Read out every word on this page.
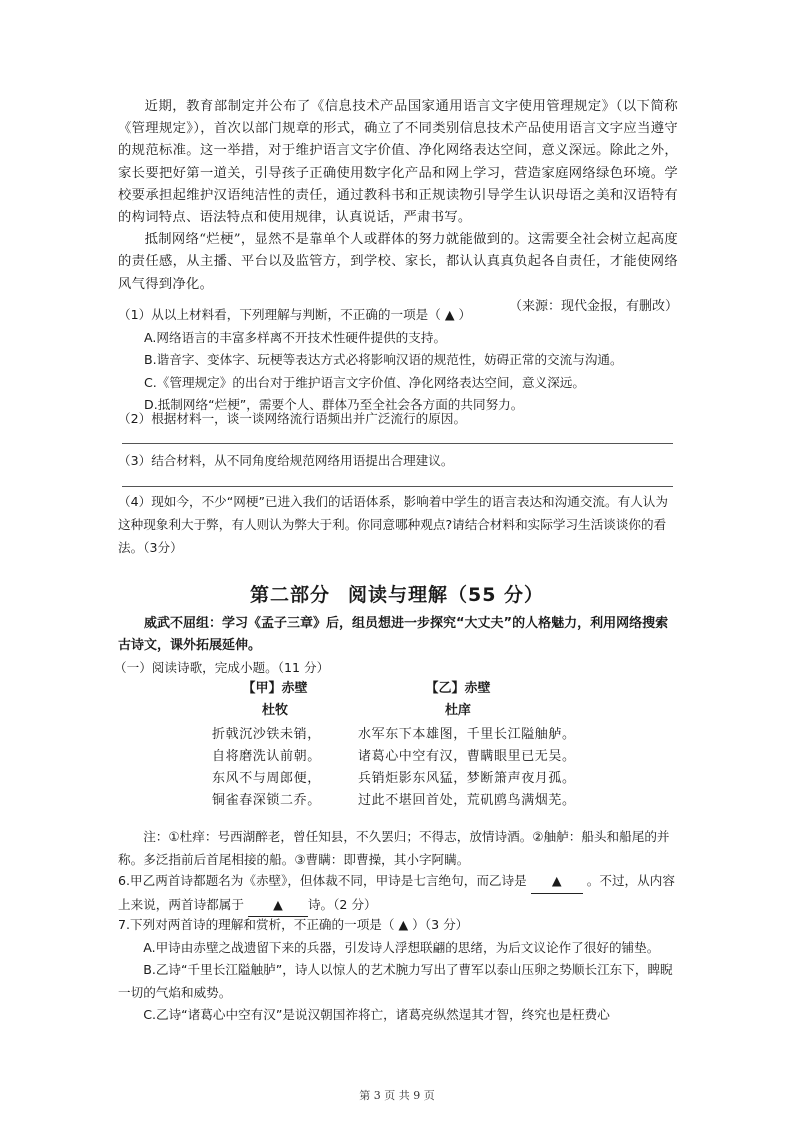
近期，教育部制定并公布了《信息技术产品国家通用语言文字使用管理规定》（以下简称《管理规定》），首次以部门规章的形式，确立了不同类别信息技术产品使用语言文字应当遵守的规范标准。这一举措，对于维护语言文字价值、净化网络表达空间，意义深远。除此之外，家长要把好第一道关，引导孩子正确使用数字化产品和网上学习，营造家庭网络绿色环境。学校要承担起维护汉语纯洁性的责任，通过教科书和正规读物引导学生认识母语之美和汉语特有的构词特点、语法特点和使用规律，认真说话，严肃书写。

抵制网络“烂梗”，显然不是靠单个人或群体的努力就能做到的。这需要全社会树立起高度的责任感，从主播、平台以及监管方，到学校、家长，都认认真真负起各自责任，才能使网络风气得到净化。

（来源：现代金报，有删改）

（1）从以上材料看，下列理解与判断，不正确的一项是（ ▲ ）

A.网络语言的丰富多样离不开技术性硬件提供的支持。

B.谐音字、变体字、玩梗等表达方式必将影响汉语的规范性，妨碍正常的交流与沟通。

C.《管理规定》的出台对于维护语言文字价值、净化网络表达空间，意义深远。

D.抵制网络“烂梗”，需要个人、群体乃至全社会各方面的共同努力。

（2）根据材料一，谈一谈网络流行语频出并广泛流行的原因。

（3）结合材料，从不同角度给规范网络用语提出合理建议。

（4）现如今，不少“网梗”已进入我们的话语体系，影响着中学生的语言表达和沟通交流。有人认为这种现象利大于弊，有人则认为弊大于利。你同意哪种观点?请结合材料和实际学习生活谈谈你的看法。（3分）

第二部分 阅读与理解（55 分）

威武不屈组：学习《孟子三章》后，组员想进一步探究“大丈夫”的人格魅力，利用网络搜索古诗文，课外拓展延伸。

（一）阅读诗歌，完成小题。（11 分）

【甲】赤壁
杜牧
折戟沉沙铁未销，
自将磨洗认前朝。
东风不与周郎便，
铜雀春深锁二乔。
【乙】赤壁
杜庠
水军东下本雄图，千里长江隘舳舻。
诸葛心中空有汉，曹瞒眼里已无吴。
兵销炬影东风猛，梦断箫声夜月孤。
过此不堪回首处，荒矶鸥鸟满烟芜。

注：①杜痒：号西湖醉老，曾任知县，不久罢归；不得志，放情诗酒。②舳舻：船头和船尾的并称。多泛指前后首尾相接的船。③曹瞒：即曹操，其小字阿瞒。

6.甲乙两首诗都题名为《赤壁》，但体裁不同，甲诗是七言绝句，而乙诗是 ▲ 。不过，从内容上来说，两首诗都属于 ▲ 诗。（2 分）

7.下列对两首诗的理解和赏析，不正确的一项是（ ▲ ）（3 分）

A.甲诗由赤壁之战遗留下来的兵器，引发诗人浮想联翩的思绪，为后文议论作了很好的铺垫。

B.乙诗“千里长江隘触胪”，诗人以惊人的艺术腕力写出了曹军以泰山压卵之势顺长江东下，睥睨一切的气焰和威势。

C.乙诗“诸葛心中空有汉”是说汉朝国祚将亡，诸葛亮纵然逞其才智，终究也是枉费心

第 3 页 共 9 页
